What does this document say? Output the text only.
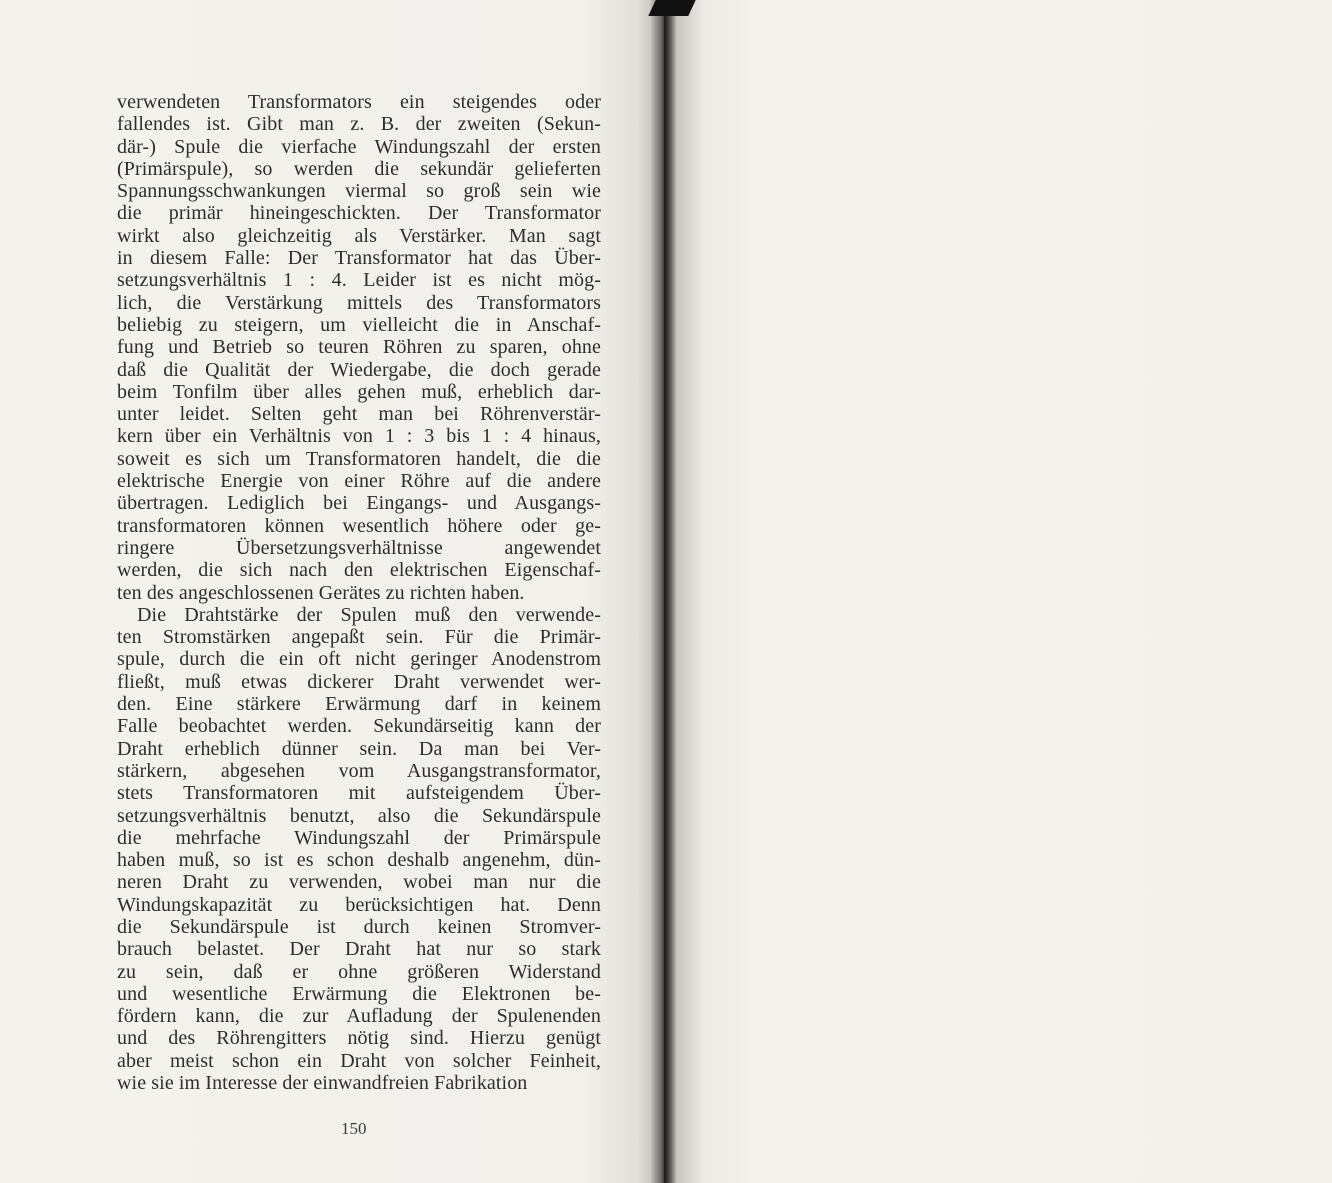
verwendeten Transformators ein steigendes oder
fallendes ist. Gibt man z. B. der zweiten (Sekun-
där-) Spule die vierfache Windungszahl der ersten
(Primärspule), so werden die sekundär gelieferten
Spannungsschwankungen viermal so groß sein wie
die primär hineingeschickten. Der Transformator
wirkt also gleichzeitig als Verstärker. Man sagt
in diesem Falle: Der Transformator hat das Über-
setzungsverhältnis 1 : 4. Leider ist es nicht mög-
lich, die Verstärkung mittels des Transformators
beliebig zu steigern, um vielleicht die in Anschaf-
fung und Betrieb so teuren Röhren zu sparen, ohne
daß die Qualität der Wiedergabe, die doch gerade
beim Tonfilm über alles gehen muß, erheblich dar-
unter leidet. Selten geht man bei Röhrenverstär-
kern über ein Verhältnis von 1 : 3 bis 1 : 4 hinaus,
soweit es sich um Transformatoren handelt, die die
elektrische Energie von einer Röhre auf die andere
übertragen. Lediglich bei Eingangs- und Ausgangs-
transformatoren können wesentlich höhere oder ge-
ringere Übersetzungsverhältnisse angewendet
werden, die sich nach den elektrischen Eigenschaf-
ten des angeschlossenen Gerätes zu richten haben.
Die Drahtstärke der Spulen muß den verwende-
ten Stromstärken angepaßt sein. Für die Primär-
spule, durch die ein oft nicht geringer Anodenstrom
fließt, muß etwas dickerer Draht verwendet wer-
den. Eine stärkere Erwärmung darf in keinem
Falle beobachtet werden. Sekundärseitig kann der
Draht erheblich dünner sein. Da man bei Ver-
stärkern, abgesehen vom Ausgangstransformator,
stets Transformatoren mit aufsteigendem Über-
setzungsverhältnis benutzt, also die Sekundärspule
die mehrfache Windungszahl der Primärspule
haben muß, so ist es schon deshalb angenehm, dün-
neren Draht zu verwenden, wobei man nur die
Windungskapazität zu berücksichtigen hat. Denn
die Sekundärspule ist durch keinen Stromver-
brauch belastet. Der Draht hat nur so stark
zu sein, daß er ohne größeren Widerstand
und wesentliche Erwärmung die Elektronen be-
fördern kann, die zur Aufladung der Spulenenden
und des Röhrengitters nötig sind. Hierzu genügt
aber meist schon ein Draht von solcher Feinheit,
wie sie im Interesse der einwandfreien Fabrikation
150
